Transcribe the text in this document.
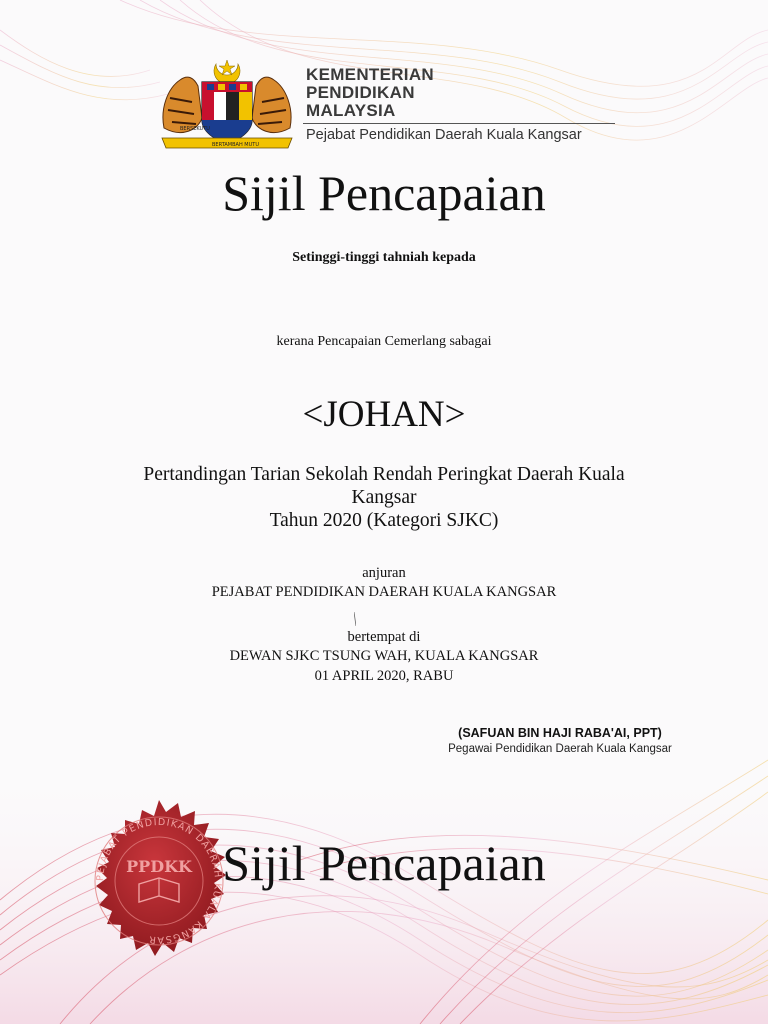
BERSEKUTU
BERTAMBAH MUTU
KEMENTERIAN
PENDIDIKAN
MALAYSIA
Pejabat Pendidikan Daerah Kuala Kangsar
Sijil Pencapaian
Setinggi-tinggi tahniah kepada
kerana Pencapaian Cemerlang sabagai
<JOHAN>
Pertandingan Tarian Sekolah Rendah Peringkat Daerah Kuala
Kangsar
Tahun 2020 (Kategori SJKC)
anjuran
PEJABAT PENDIDIKAN DAERAH KUALA KANGSAR
bertempat di
DEWAN SJKC TSUNG WAH, KUALA KANGSAR
01 APRIL 2020, RABU
(SAFUAN BIN HAJI RABA'AI, PPT)
Pegawai Pendidikan Daerah Kuala Kangsar
PEJABAT PENDIDIKAN DAERAH KUALA KANGSAR
PPDKK Sijil Pencapaian
